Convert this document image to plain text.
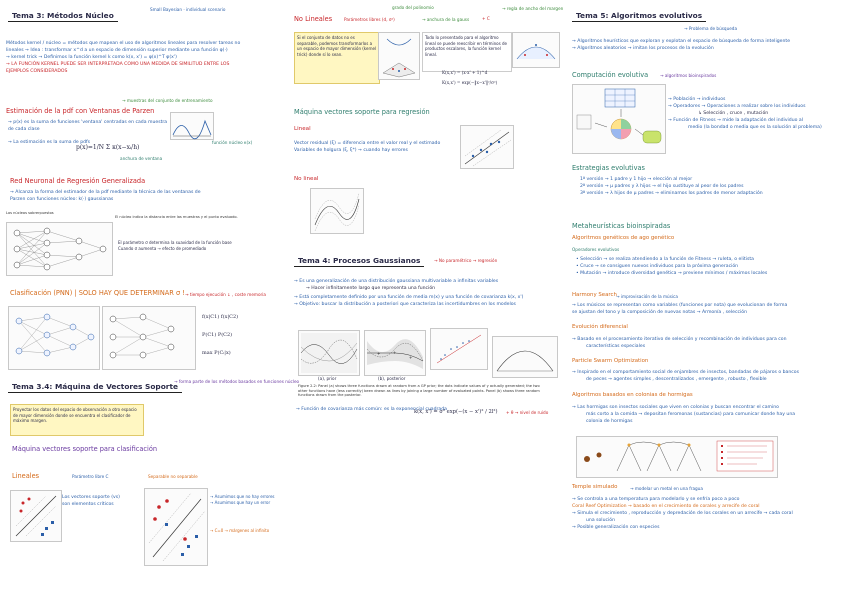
Tema 3: Métodos Núcleo
Small Bayesian · individual scenario
Métodos kernel / núcleo = métodos que mapean el uso de algoritmos lineales para resolver tareas no
lineales → Idea : transformar x^d a un espacio de dimensión superior mediante una función φ(·)
→ kernel trick → Definimos la función kernel k como k(x, x') = φ(x)^T φ(x')
→ LA FUNCIÓN KERNEL PUEDE SER INTERPRETADA COMO UNA MEDIDA DE SIMILITUD ENTRE LOS
EJEMPLOS CONSIDERADOS
Estimación de la pdf con Ventanas de Parzen
→ muestras del conjunto de entrenamiento
→ p(x) es la suma de funciones 'ventana' centradas en cada muestra
de cada clase
→ La estimación es la suma de pdfs	función núcleo κ(x)
anchura de ventana
p(x)=1/N Σ κ(x−xᵢ/h)
Red Neuronal de Regresión Generalizada
→ Alcanza la forma del estimador de la pdf mediante la técnica de las ventanas de
Parzen con funciones núcleo: k(·) gaussianas
Los núcleos sobrerpuestos
El núcleo indica la distancia entre las muestras y el punto evaluado.
El parámetro σ determina la suavidad de la función base
Cuando σ aumenta → efecto de promediado
Clasificación (PNN) | SOLO HAY QUE DETERMINAR σ ! → tiempo ejecución ↓ , coste memoria
f(x|C1) f(x|C2)
P(C1) P(C2)
max P(Cᵢ|x)
Tema 3.4: Máquina de Vectores Soporte
→ forma parte de los métodos basados en funciones núcleo
Proyectar los datos del espacio de observación a otro espacio de mayor dimensión donde se encuentra el clasificador de máximo margen.
Máquina vectores soporte para clasificación
Lineales	Parámetro libre C	Separable no separable
Los vectores soporte (vs)
son elementos críticos
→ Asumimos que no hay errores
→ Asumimos que hay un error
→ C=0 → márgenes al infinito
No Lineales	Parámetros libres (d, σ²)	→ anchura de la gauss	+ C
grado del polinomio	→ regla de ancho del margen
Si el conjunto de datos no es separable, podemos transformarlos a un espacio de mayor dimensión (kernel trick) donde sí lo sean.
Todo lo presentado para el algoritmo lineal se puede reescribir en términos de productos escalares, la función kernel lineal.
K(x,x') = (x·x' + 1)^d
K(x,x') = exp(−‖x−x'‖²/σ²)
Máquina vectores soporte para regresión
Lineal
Vector residual (ξ) = diferencia entre el valor real y el estimado
Variables de holgura (ξ, ξ*) → cuando hay errores
No lineal
Tema 4: Procesos Gaussianos	→ No paramétrico → regresión
→ Es una generalización de una distribución gaussiana multivariable a infinitas variables
→ Hacer infinitamente largo que representa una función
→ Está completamente definido por una función de media m(x) y una función de covarianza k(x, x')
→ Objetivo: buscar la distribución a posteriori que caracteriza las incertidumbres en los modelos
(a), prior
+	+
+
(b), posterior
Figure 2.2: Panel (a) shows three functions drawn at random from a GP prior; the dots indicate values of y actually generated; the two other functions have (less correctly) been drawn as lines by joining a large number of evaluated points. Panel (b) shows three random functions drawn from the posterior.
→ Función de covarianza más común: es la exponencial cuadrada
k(x, x') = σ² exp(−(x − x')² / 2l²) + θ → nivel de ruido
Tema 5: Algoritmos evolutivos
→ Problema de búsqueda
→ Algoritmos heurísticos que exploran y explotan el espacio de búsqueda de forma inteligente
→ Algoritmos aleatorios → imitan los procesos de la evolución
Computación evolutiva	→ algoritmos bioinspirados
→ Población → individuos
→ Operadores → Operaciones a realizar sobre los individuos
↳ Selección , cruce , mutación
→ Función de Fitness → mide la adaptación del individuo al
medio (la bondad o media que es la solución al problema)
Estrategias evolutivas
1ª versión → 1 padre y 1 hijo → elección al mejor
2ª versión → μ padres y λ hijos → el hijo sustituye al peor de los padres
3ª versión → λ hijos de μ padres → eliminamos los padres de menor adaptación
Metaheurísticas bioinspiradas
Algoritmos genéticos de ago genético
Operadores evolutivos
• Selección → se realiza atendiendo a la función de Fitness → ruleta, o elitista
• Cruce → se consiguen nuevos individuos para la próxima generación
• Mutación → introduce diversidad genética → previene mínimos / máximos locales
Harmony Search → improvisación de la música
→ Los músicos se representan como variables (funciones por nota) que evolucionan de forma
se ajustan del tono y la composición de nuevas notas → Armonía , selección
Evolución diferencial
→ Basado en el procesamiento iterativo de selección y recombinación de individuos para con
características especiales
Particle Swarm Optimization
→ Inspirado en el comportamiento social de enjambres de insectos, bandadas de pájaros o bancos
de peces → agentes simples , descentralizados , emergente , robusto , flexible
Algoritmos basados en colonias de hormigas
→ Las hormigas son insectos sociales que viven en colonias y buscan encontrar el camino
más corto a la comida → depositan feromonas (sustancias) para comunicar donde hay una
colonia de hormigas
Temple simulado	→ modelar un metal en una fragua
→ Se controla a una temperatura para modelarlo y se enfría poco a poco
Coral Reef Optimization → basado en el crecimiento de corales y arrecife de coral
→ Simula el crecimiento , reproducción y depredación de los corales en un arrecife → cada coral
una solución
→ Posible generalización con especies
